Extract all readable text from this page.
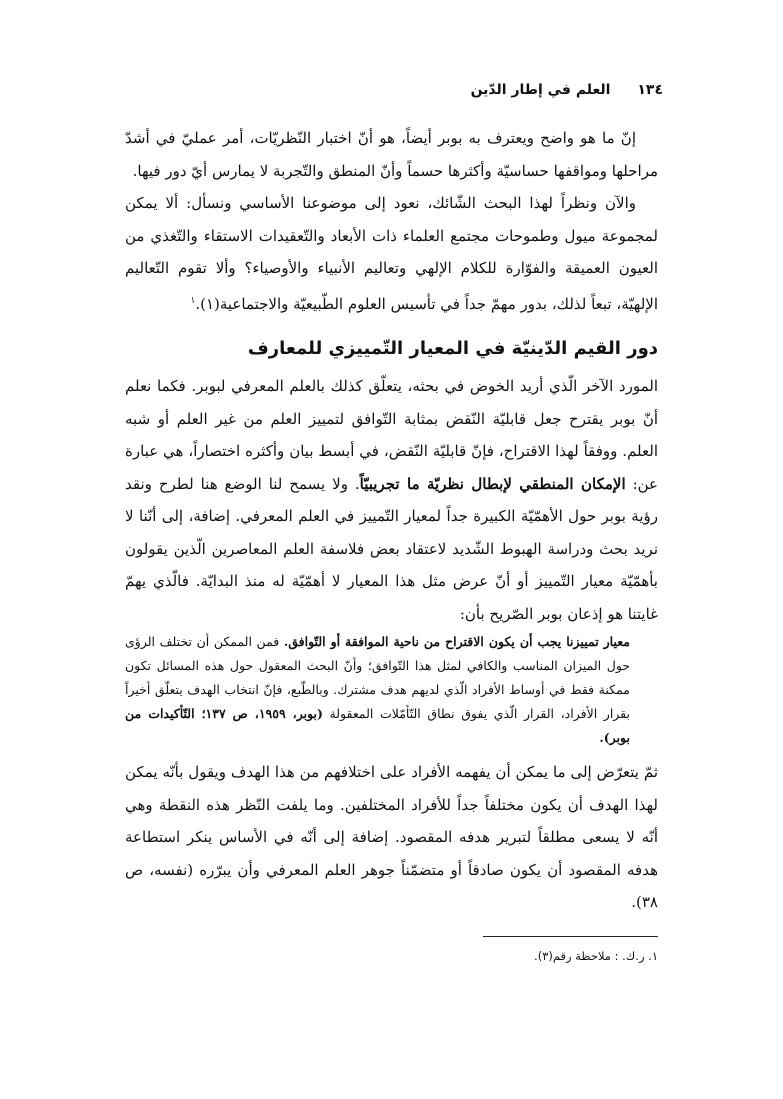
١٣٤ العلم في إطار الدّين

إنّ ما هو واضح ويعترف به بوبر أيضاً، هو أنّ اختبار النّظريّات، أمر عمليّ في أشدّ مراحلها ومواقفها حساسيّة وأكثرها حسماً وأنّ المنطق والتّجربة لا يمارس أيّ دور فيها.

والآن ونظراً لهذا البحث الشّائك، نعود إلى موضوعنا الأساسي ونسأل: ألا يمكن لمجموعة ميول وطموحات مجتمع العلماء ذات الأبعاد والتّعقيدات الاستقاء والتّغذي من العيون العميقة والفوّارة للكلام الإلهي وتعاليم الأنبياء والأوصياء؟ وألا تقوم التّعاليم الإلهيّة، تبعاً لذلك، بدور مهمّ جداً في تأسيس العلوم الطّبيعيّة والاجتماعية(١).$^١$

دور القيم الدّينيّة في المعيار التّمييزي للمعارف

المورد الآخر الّذي أريد الخوض في بحثه، يتعلّق كذلك بالعلم المعرفي لبوبر. فكما نعلم أنّ بوبر يقترح جعل قابليّة النّقض بمثابة التّوافق لتمييز العلم من غير العلم أو شبه العلم. ووفقاً لهذا الاقتراح، فإنّ قابليّة النّقض، في أبسط بيان وأكثره اختصاراً، هي عبارة عن: الإمكان المنطقي لإبطال نظريّة ما تجريبيّاً. ولا يسمح لنا الوضع هنا لطرح ونقد رؤية بوبر حول الأهمّيّة الكبيرة جداً لمعيار التّمييز في العلم المعرفي. إضافة، إلى أنّنا لا نريد بحث ودراسة الهبوط الشّديد لاعتقاد بعض فلاسفة العلم المعاصرين الّذين يقولون بأهمّيّة معيار التّمييز أو أنّ عرض مثل هذا المعيار لا أهمّيّة له منذ البدايّة. فالّذي يهمّ غايتنا هو إذعان بوبر الصّريح بأن:

معيار تمييزنا يجب أن يكون الاقتراح من ناحية الموافقة أو التّوافق. فمن الممكن أن تختلف الرؤى حول الميزان المناسب والكافي لمثل هذا التّوافق؛ وأنّ البحث المعقول حول هذه المسائل تكون ممكنة فقط في أوساط الأفراد الّذي لديهم هدف مشترك. وبالطّبع، فإنّ انتخاب الهدف يتعلّق أخيراً بقرار الأفراد، القرار الّذي يفوق نطاق التّأمّلات المعقولة (بوبر، ١٩٥٩، ص ١٣٧؛ التّأكيدات من بوبر).

ثمّ يتعرّض إلى ما يمكن أن يفهمه الأفراد على اختلافهم من هذا الهدف ويقول بأنّه يمكن لهذا الهدف أن يكون مختلفاً جداً للأفراد المختلفين. وما يلفت النّظر هذه النقطة وهي أنّه لا يسعى مطلقاً لتبرير هدفه المقصود. إضافة إلى أنّه في الأساس ينكر استطاعة هدفه المقصود أن يكون صادقاً أو متضمّناً جوهر العلم المعرفي وأن يبرّره (نفسه، ص ٣٨).

١. ر.ك. : ملاحظة رقم(٣).
